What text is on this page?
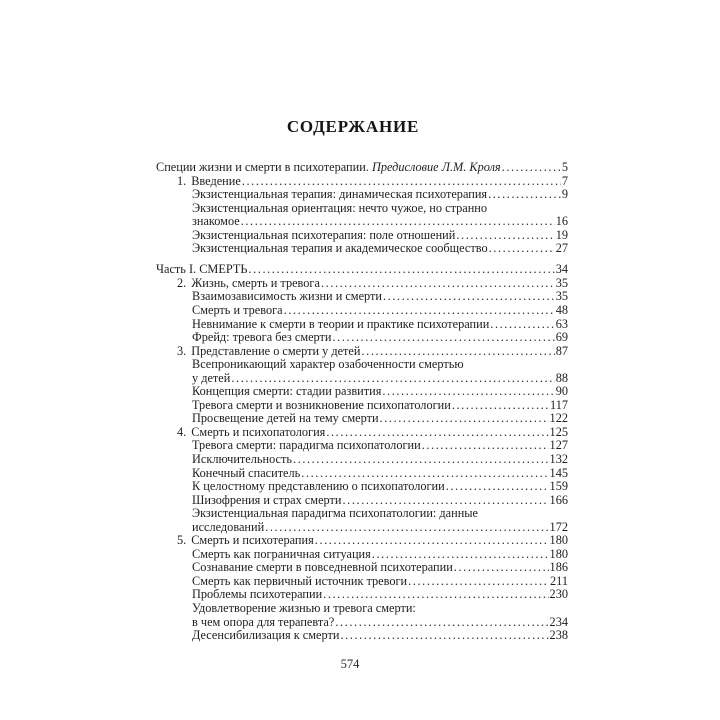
СОДЕРЖАНИЕ
Специи жизни и смерти в психотерапии. Предисловие Л.М. Кроля .....	5
1. Введение .....	7
Экзистенциальная терапия: динамическая психотерапия .....	9
Экзистенциальная ориентация: нечто чужое, но странно
знакомое .....	16
Экзистенциальная психотерапия: поле отношений .....	19
Экзистенциальная терапия и академическое сообщество .....	27
Часть I. СМЕРТЬ .....	34
2. Жизнь, смерть и тревога .....	35
Взаимозависимость жизни и смерти .....	35
Смерть и тревога .....	48
Невнимание к смерти в теории и практике психотерапии .....	63
Фрейд: тревога без смерти .....	69
3. Представление о смерти у детей .....	87
Всепроникающий характер озабоченности смертью
у детей .....	88
Концепция смерти: стадии развития .....	90
Тревога смерти и возникновение психопатологии .....	117
Просвещение детей на тему смерти .....	122
4. Смерть и психопатология .....	125
Тревога смерти: парадигма психопатологии .....	127
Исключительность .....	132
Конечный спаситель .....	145
К целостному представлению о психопатологии .....	159
Шизофрения и страх смерти .....	166
Экзистенциальная парадигма психопатологии: данные
исследований .....	172
5. Смерть и психотерапия .....	180
Смерть как пограничная ситуация .....	180
Сознавание смерти в повседневной психотерапии .....	186
Смерть как первичный источник тревоги .....	211
Проблемы психотерапии .....	230
Удовлетворение жизнью и тревога смерти:
в чем опора для терапевта? .....	234
Десенсибилизация к смерти .....	238
574
